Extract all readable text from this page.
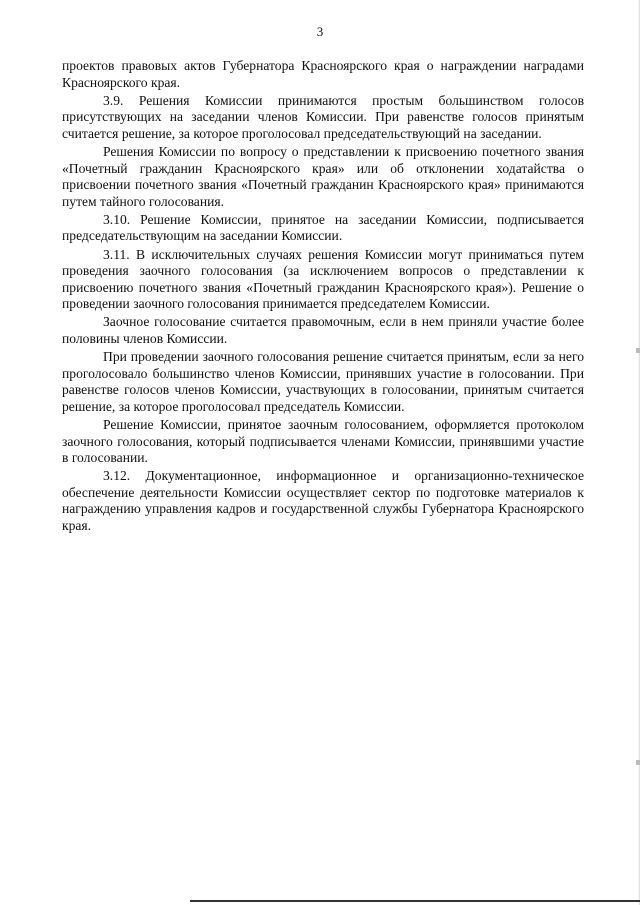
3

проектов правовых актов Губернатора Красноярского края о награждении наградами Красноярского края.

3.9. Решения Комиссии принимаются простым большинством голосов присутствующих на заседании членов Комиссии. При равенстве голосов принятым считается решение, за которое проголосовал председательствующий на заседании.

Решения Комиссии по вопросу о представлении к присвоению почетного звания «Почетный гражданин Красноярского края» или об отклонении ходатайства о присвоении почетного звания «Почетный гражданин Красноярского края» принимаются путем тайного голосования.

3.10. Решение Комиссии, принятое на заседании Комиссии, подписывается председательствующим на заседании Комиссии.

3.11. В исключительных случаях решения Комиссии могут приниматься путем проведения заочного голосования (за исключением вопросов о представлении к присвоению почетного звания «Почетный гражданин Красноярского края»). Решение о проведении заочного голосования принимается председателем Комиссии.

Заочное голосование считается правомочным, если в нем приняли участие более половины членов Комиссии.

При проведении заочного голосования решение считается принятым, если за него проголосовало большинство членов Комиссии, принявших участие в голосовании. При равенстве голосов членов Комиссии, участвующих в голосовании, принятым считается решение, за которое проголосовал председатель Комиссии.

Решение Комиссии, принятое заочным голосованием, оформляется протоколом заочного голосования, который подписывается членами Комиссии, принявшими участие в голосовании.

3.12. Документационное, информационное и организационно-техническое обеспечение деятельности Комиссии осуществляет сектор по подготовке материалов к награждению управления кадров и государственной службы Губернатора Красноярского края.
